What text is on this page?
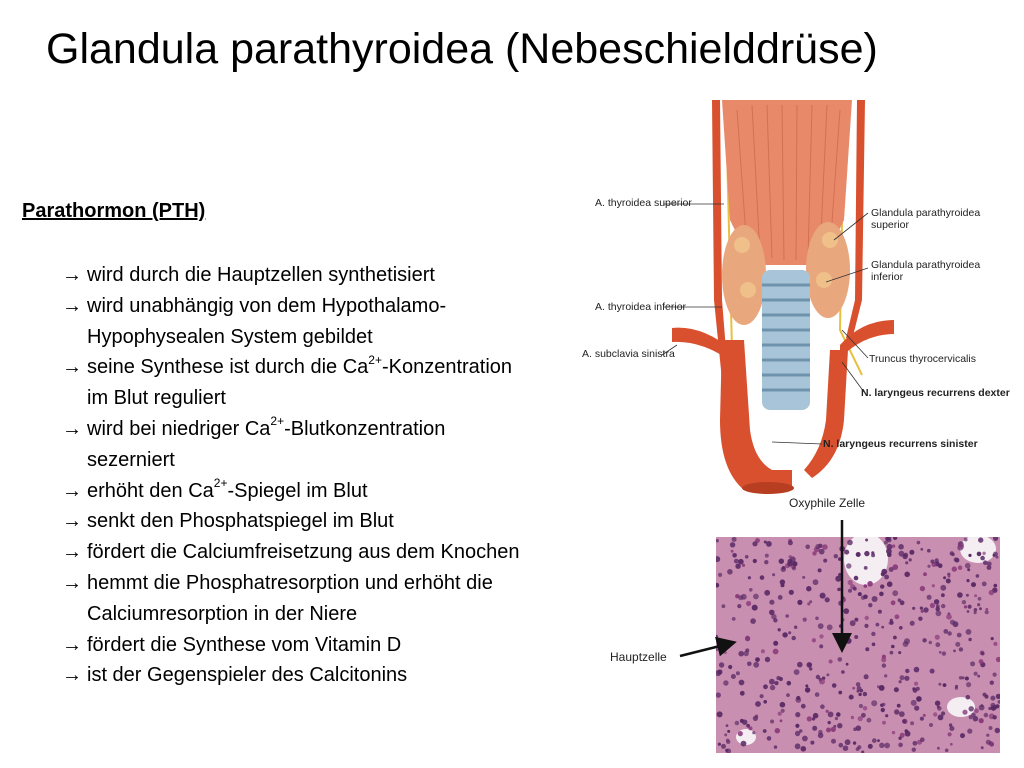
Glandula parathyroidea (Nebeschielddrüse)
Parathormon (PTH)
→ wird durch die Hauptzellen synthetisiert
→ wird unabhängig von dem Hypothalamo-
Hypophysealen System gebildet
→ seine Synthese ist durch die $Ca^{2+}$-Konzentration
im Blut reguliert
→ wird bei niedriger $Ca^{2+}$-Blutkonzentration
sezerniert
→ erhöht den $Ca^{2+}$-Spiegel im Blut
→ senkt den Phosphatspiegel im Blut
→ fördert die Calciumfreisetzung aus dem Knochen
→ hemmt die Phosphatresorption und erhöht die
Calciumresorption in der Niere
→ fördert die Synthese vom Vitamin D
→ ist der Gegenspieler des Calcitonins
A. thyroidea superior
Glandula parathyroidea
superior
Glandula parathyroidea
inferior
A. thyroidea inferior
A. subclavia sinistra	Truncus thyrocervicalis
N. laryngeus recurrens dexter
N. laryngeus recurrens sinister
Oxyphile Zelle
Hauptzelle
